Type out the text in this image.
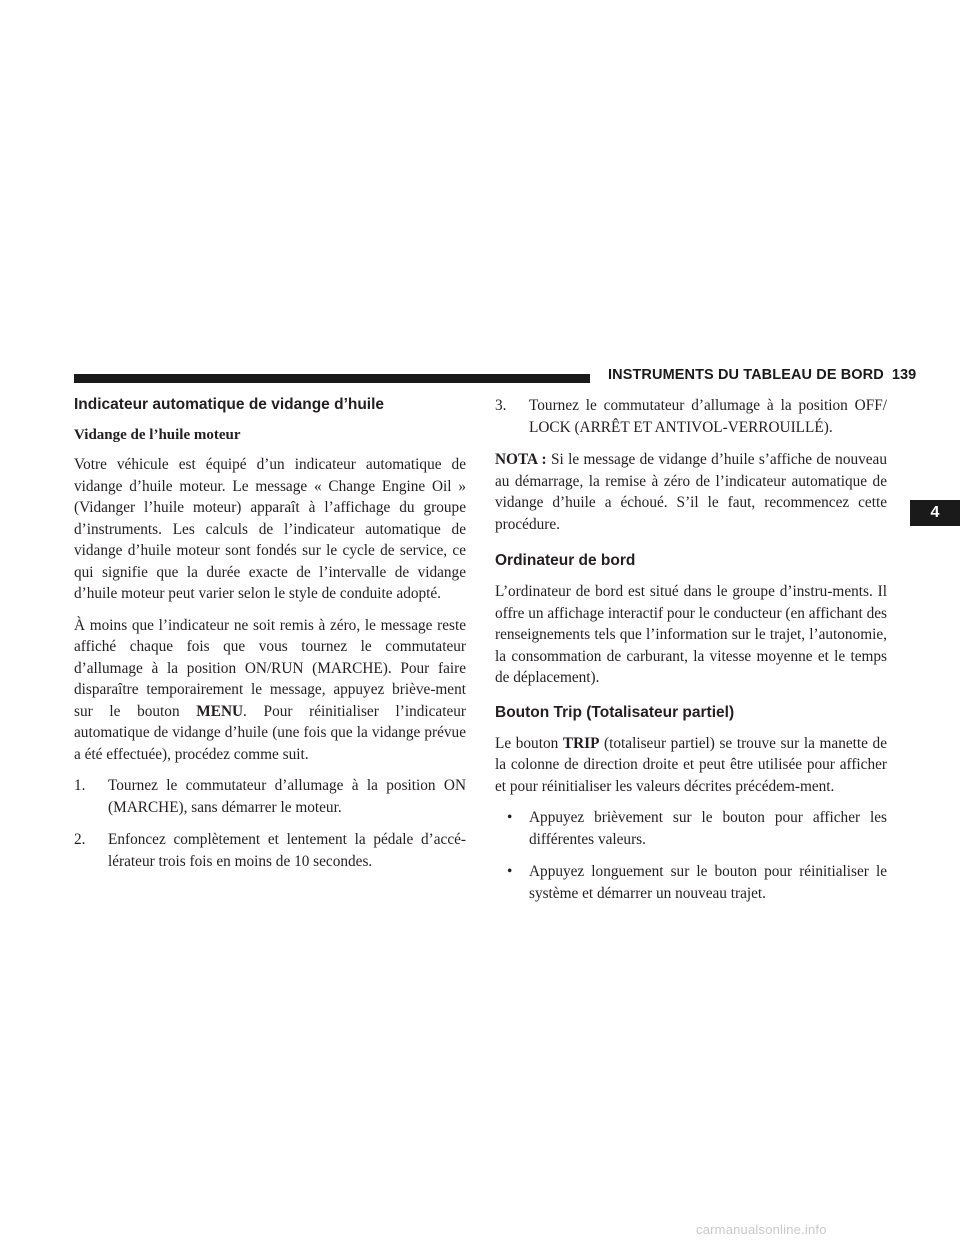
INSTRUMENTS DU TABLEAU DE BORD 139
4
Indicateur automatique de vidange d’huile
Vidange de l’huile moteur

Votre véhicule est équipé d’un indicateur automatique de vidange d’huile moteur. Le message « Change Engine Oil » (Vidanger l’huile moteur) apparaît à l’affichage du groupe d’instruments. Les calculs de l’indicateur automatique de vidange d’huile moteur sont fondés sur le cycle de service, ce qui signifie que la durée exacte de l’intervalle de vidange d’huile moteur peut varier selon le style de conduite adopté.

À moins que l’indicateur ne soit remis à zéro, le message reste affiché chaque fois que vous tournez le commutateur d’allumage à la position ON/RUN (MARCHE). Pour faire disparaître temporairement le message, appuyez briève-ment sur le bouton MENU. Pour réinitialiser l’indicateur automatique de vidange d’huile (une fois que la vidange prévue a été effectuée), procédez comme suit.

1. Tournez le commutateur d’allumage à la position ON (MARCHE), sans démarrer le moteur.
2. Enfoncez complètement et lentement la pédale d’accé-lérateur trois fois en moins de 10 secondes.
3. Tournez le commutateur d’allumage à la position OFF/ LOCK (ARRÊT ET ANTIVOL-VERROUILLÉ).

NOTA : Si le message de vidange d’huile s’affiche de nouveau au démarrage, la remise à zéro de l’indicateur automatique de vidange d’huile a échoué. S’il le faut, recommencez cette procédure.

Ordinateur de bord

L’ordinateur de bord est situé dans le groupe d’instru-ments. Il offre un affichage interactif pour le conducteur (en affichant des renseignements tels que l’information sur le trajet, l’autonomie, la consommation de carburant, la vitesse moyenne et le temps de déplacement).

Bouton Trip (Totalisateur partiel)

Le bouton TRIP (totaliseur partiel) se trouve sur la manette de la colonne de direction droite et peut être utilisée pour afficher et pour réinitialiser les valeurs décrites précédem-ment.

• Appuyez brièvement sur le bouton pour afficher les différentes valeurs.
• Appuyez longuement sur le bouton pour réinitialiser le système et démarrer un nouveau trajet.
carmanualsonline.info
